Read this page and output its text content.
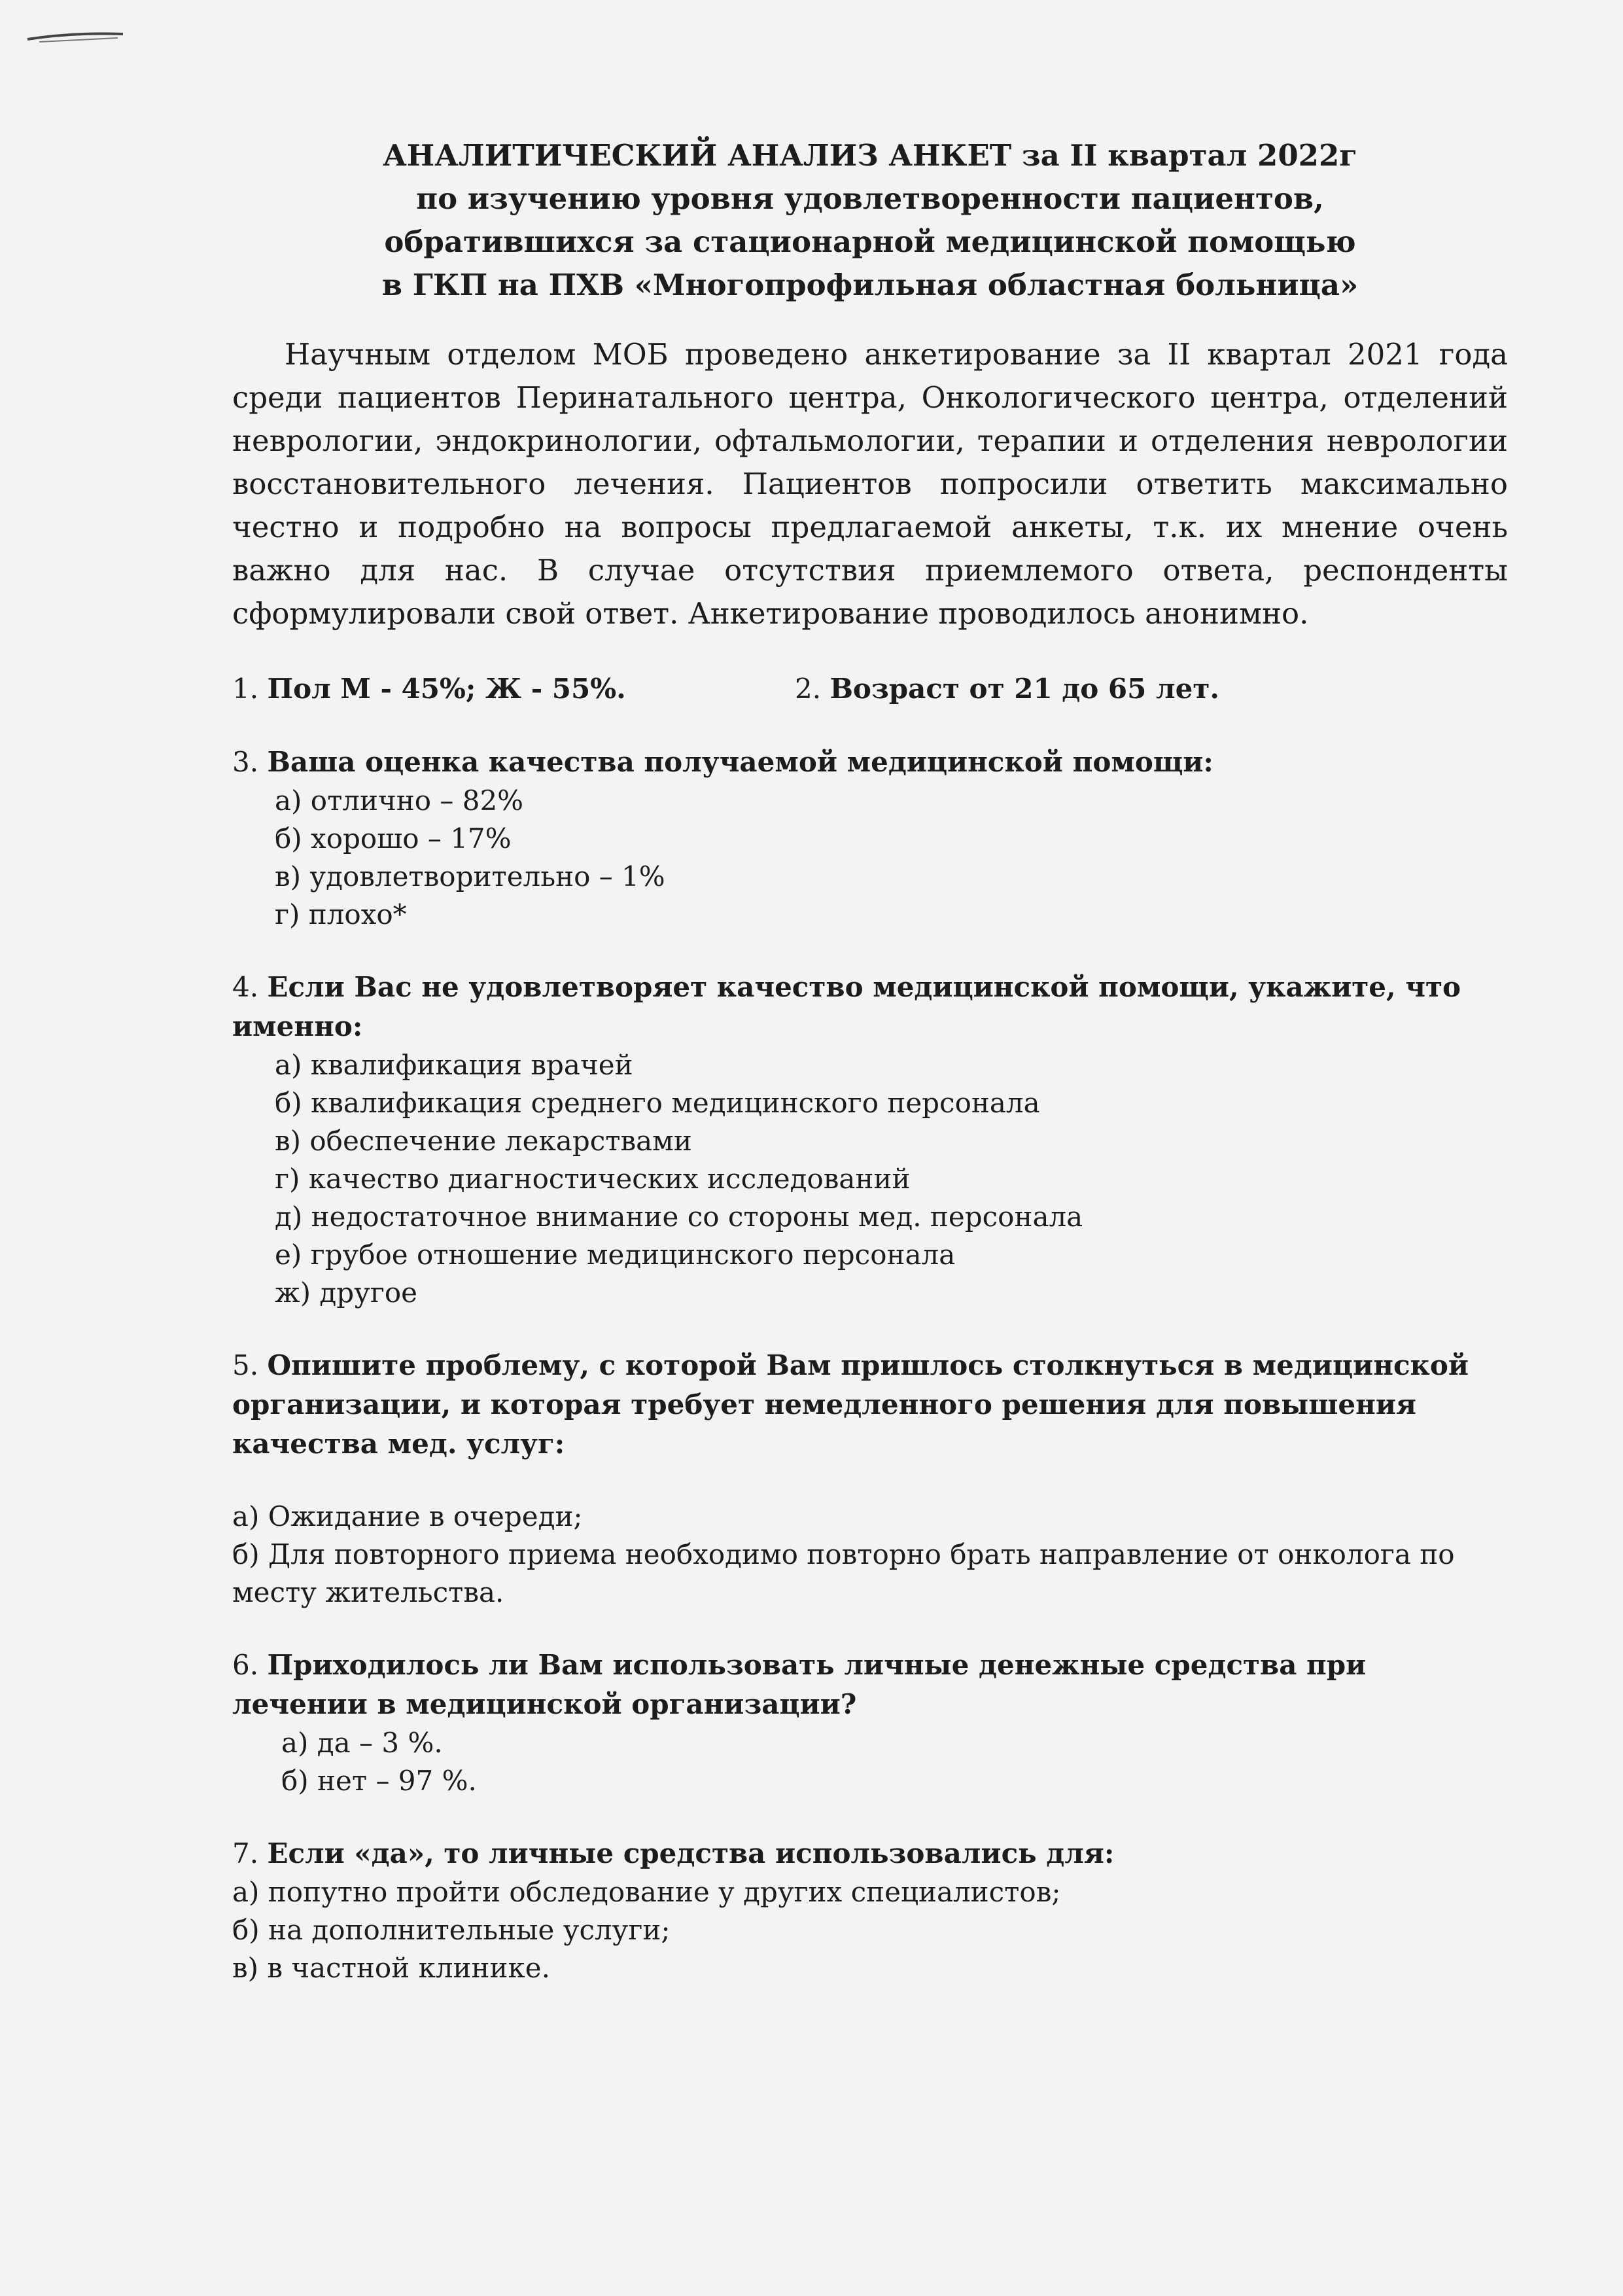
АНАЛИТИЧЕСКИЙ АНАЛИЗ АНКЕТ за II квартал 2022г
по изучению уровня удовлетворенности пациентов,
обратившихся за стационарной медицинской помощью
в ГКП на ПХВ «Многопрофильная областная больница»

Научным отделом МОБ проведено анкетирование за II квартал 2021 года среди пациентов Перинатального центра, Онкологического центра, отделений неврологии, эндокринологии, офтальмологии, терапии и отделения неврологии восстановительного лечения. Пациентов попросили ответить максимально честно и подробно на вопросы предлагаемой анкеты, т.к. их мнение очень важно для нас. В случае отсутствия приемлемого ответа, респонденты сформулировали свой ответ. Анкетирование проводилось анонимно.

1. Пол М - 45%; Ж - 55%.	2. Возраст от 21 до 65 лет.

3. Ваша оценка качества получаемой медицинской помощи:

а) отлично – 82%
б) хорошо – 17%
в) удовлетворительно – 1%
г) плохо*

4. Если Вас не удовлетворяет качество медицинской помощи, укажите, что именно:

а) квалификация врачей
б) квалификация среднего медицинского персонала
в) обеспечение лекарствами
г) качество диагностических исследований
д) недостаточное внимание со стороны мед. персонала
е) грубое отношение медицинского персонала
ж) другое

5. Опишите проблему, с которой Вам пришлось столкнуться в медицинской организации, и которая требует немедленного решения для повышения качества мед. услуг:

а) Ожидание в очереди;
б) Для повторного приема необходимо повторно брать направление от онколога по месту жительства.

6. Приходилось ли Вам использовать личные денежные средства при лечении в медицинской организации?

а) да – 3 %.
б) нет – 97 %.

7. Если «да», то личные средства использовались для:

а) попутно пройти обследование у других специалистов;
б) на дополнительные услуги;
в) в частной клинике.
